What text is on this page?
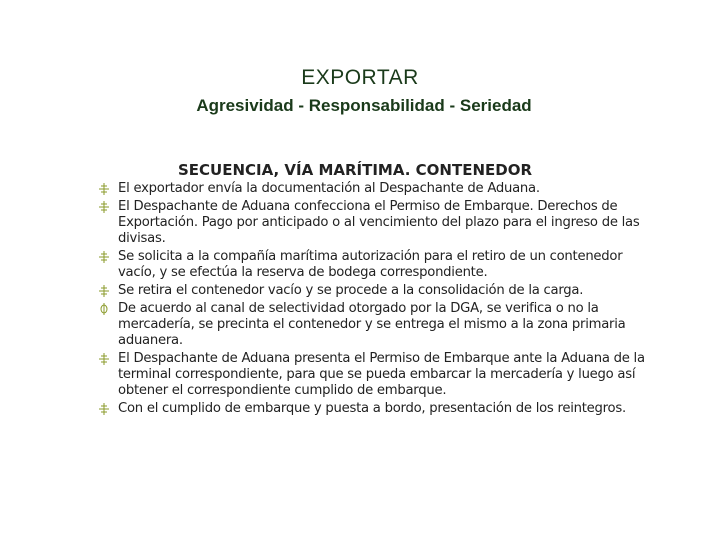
EXPORTAR
Agresividad - Responsabilidad - Seriedad
SECUENCIA, VÍA MARÍTIMA. CONTENEDOR
El exportador envía la documentación al Despachante de Aduana.
El Despachante de Aduana confecciona el Permiso de Embarque. Derechos de Exportación. Pago por anticipado o al vencimiento del plazo para el ingreso de las divisas.
Se solicita a la compañía marítima autorización para el retiro de un contenedor vacío, y se efectúa la reserva de bodega correspondiente.
Se retira el contenedor vacío y se procede a la consolidación de la carga.
De acuerdo al canal de selectividad otorgado por la DGA, se verifica o no la mercadería, se precinta el contenedor y se entrega el mismo a la zona primaria aduanera.
El Despachante de Aduana presenta el Permiso de Embarque ante la Aduana de la terminal correspondiente, para que se pueda embarcar la mercadería y luego así obtener el correspondiente cumplido de embarque.
Con el cumplido de embarque y puesta a bordo, presentación de los reintegros.
